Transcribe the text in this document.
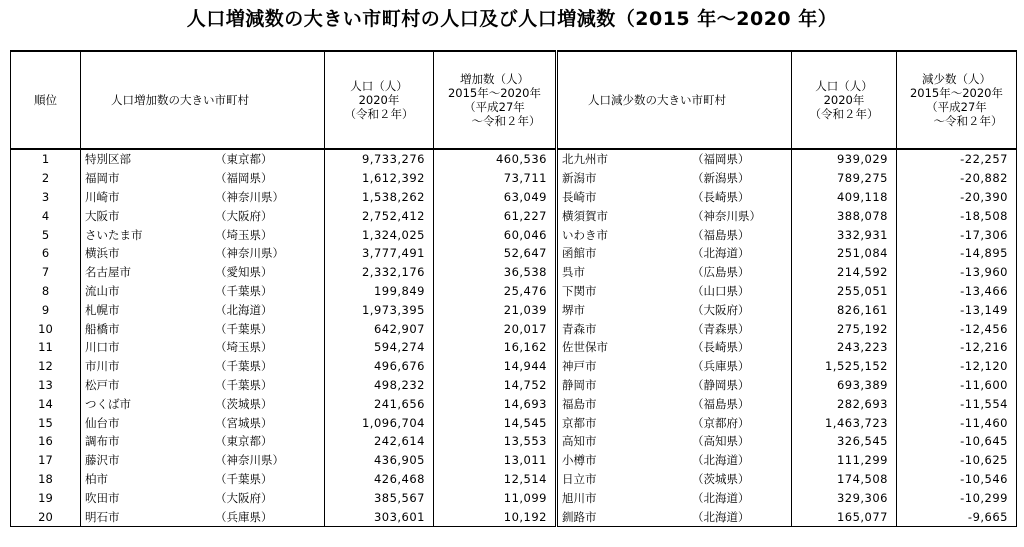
人口増減数の大きい市町村の人口及び人口増減数（2015 年～2020 年）
順位	人口増加数の大きい市町村	人口（人）
2020年
（令和２年）	増加数（人）
2015年～2020年
（平成27年
　　～令和２年）	人口減少数の大きい市町村	人口（人）
2020年
（令和２年）	減少数（人）
2015年～2020年
（平成27年
　　～令和２年）

1	特別区部 （東京都）	9,733,276	460,536	北九州市 （福岡県）	939,029	-22,257
2	福岡市 （福岡県）	1,612,392	73,711	新潟市 （新潟県）	789,275	-20,882
3	川崎市 （神奈川県）	1,538,262	63,049	長崎市 （長崎県）	409,118	-20,390
4	大阪市 （大阪府）	2,752,412	61,227	横須賀市 （神奈川県）	388,078	-18,508
5	さいたま市 （埼玉県）	1,324,025	60,046	いわき市 （福島県）	332,931	-17,306
6	横浜市 （神奈川県）	3,777,491	52,647	函館市 （北海道）	251,084	-14,895
7	名古屋市 （愛知県）	2,332,176	36,538	呉市 （広島県）	214,592	-13,960
8	流山市 （千葉県）	199,849	25,476	下関市 （山口県）	255,051	-13,466
9	札幌市 （北海道）	1,973,395	21,039	堺市 （大阪府）	826,161	-13,149
10	船橋市 （千葉県）	642,907	20,017	青森市 （青森県）	275,192	-12,456
11	川口市 （埼玉県）	594,274	16,162	佐世保市 （長崎県）	243,223	-12,216
12	市川市 （千葉県）	496,676	14,944	神戸市 （兵庫県）	1,525,152	-12,120
13	松戸市 （千葉県）	498,232	14,752	静岡市 （静岡県）	693,389	-11,600
14	つくば市 （茨城県）	241,656	14,693	福島市 （福島県）	282,693	-11,554
15	仙台市 （宮城県）	1,096,704	14,545	京都市 （京都府）	1,463,723	-11,460
16	調布市 （東京都）	242,614	13,553	高知市 （高知県）	326,545	-10,645
17	藤沢市 （神奈川県）	436,905	13,011	小樽市 （北海道）	111,299	-10,625
18	柏市 （千葉県）	426,468	12,514	日立市 （茨城県）	174,508	-10,546
19	吹田市 （大阪府）	385,567	11,099	旭川市 （北海道）	329,306	-10,299
20	明石市 （兵庫県）	303,601	10,192	釧路市 （北海道）	165,077	-9,665
